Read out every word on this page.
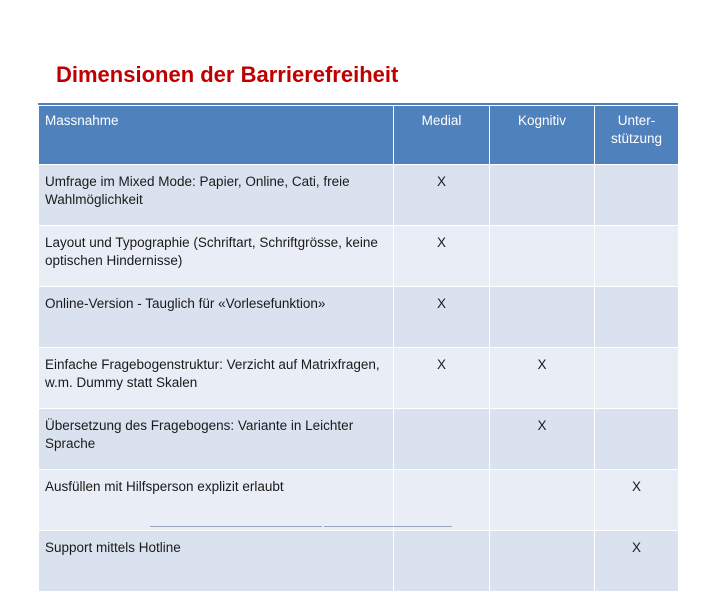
Dimensionen der Barrierefreiheit
Massnahme	Medial	Kognitiv	Unter-
stützung
Umfrage im Mixed Mode: Papier, Online, Cati, freie Wahlmöglichkeit	X		
Layout und Typographie (Schriftart, Schriftgrösse, keine optischen Hindernisse)	X		
Online-Version - Tauglich für «Vorlesefunktion»	X		
Einfache Fragebogenstruktur: Verzicht auf Matrixfragen, w.m. Dummy statt Skalen	X	X	
Übersetzung des Fragebogens: Variante in Leichter Sprache		X	
Ausfüllen mit Hilfsperson explizit erlaubt			X
Support mittels Hotline			X
